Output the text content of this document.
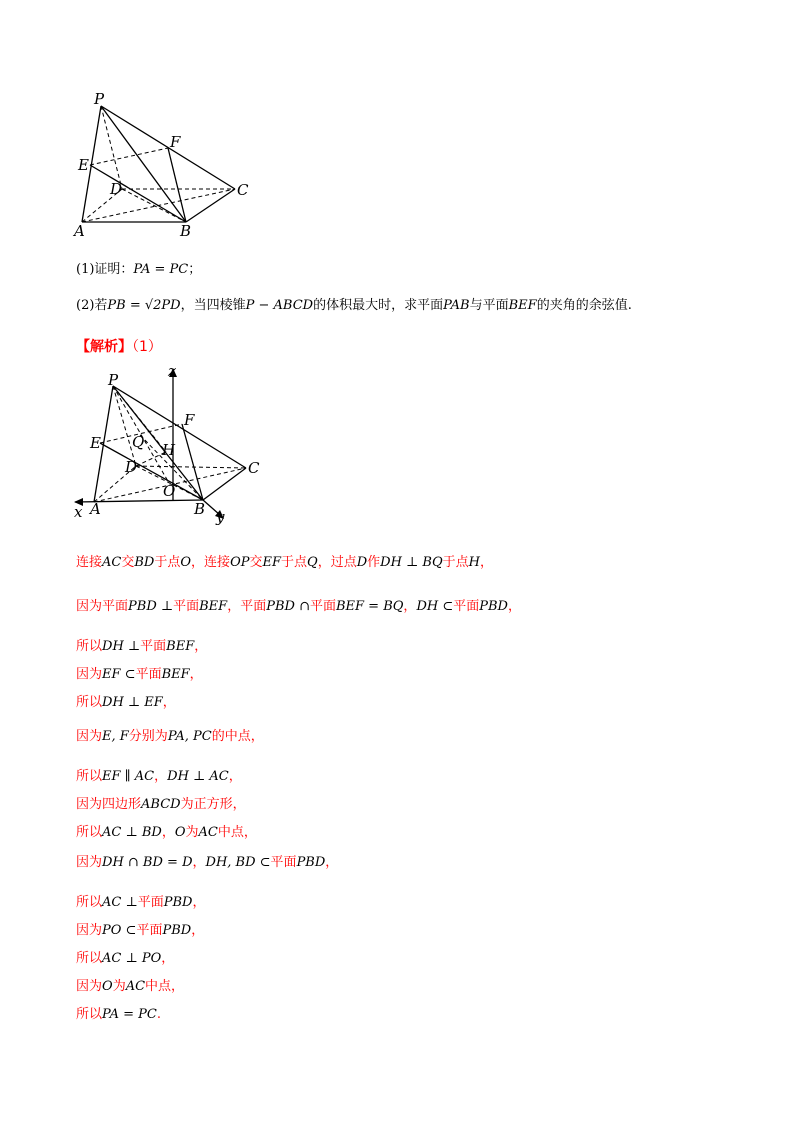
P
E
F
D	C
A	B
(1)证明：PA = PC；
(2)若PB = √2PD，当四棱锥P − ABCD的体积最大时，求平面PAB与平面BEF的夹角的余弦值.
【解析】（1）
z
P
E
F
Q H
D	C
O
A	B
x	y
连接AC交BD于点O，连接OP交EF于点Q，过点D作DH ⊥ BQ于点H，
因为平面PBD ⊥平面BEF，平面PBD ∩平面BEF = BQ，DH ⊂平面PBD，
所以DH ⊥平面BEF，
因为EF ⊂平面BEF，
所以DH ⊥ EF，
因为E, F分别为PA, PC的中点，
所以EF ∥ AC，DH ⊥ AC，
因为四边形ABCD为正方形，
所以AC ⊥ BD，O为AC中点，
因为DH ∩ BD = D，DH, BD ⊂平面PBD，
所以AC ⊥平面PBD，
因为PO ⊂平面PBD，
所以AC ⊥ PO，
因为O为AC中点，
所以PA = PC.
